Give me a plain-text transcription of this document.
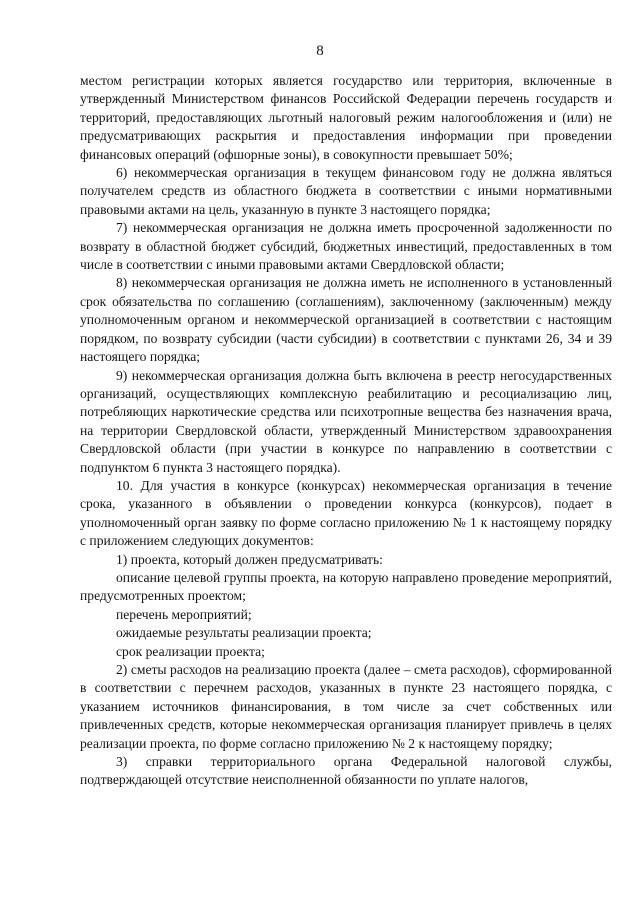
8

местом регистрации которых является государство или территория, включенные в утвержденный Министерством финансов Российской Федерации перечень государств и территорий, предоставляющих льготный налоговый режим налогообложения и (или) не предусматривающих раскрытия и предоставления информации при проведении финансовых операций (офшорные зоны), в совокупности превышает 50%;

6) некоммерческая организация в текущем финансовом году не должна являться получателем средств из областного бюджета в соответствии с иными нормативными правовыми актами на цель, указанную в пункте 3 настоящего порядка;

7) некоммерческая организация не должна иметь просроченной задолженности по возврату в областной бюджет субсидий, бюджетных инвестиций, предоставленных в том числе в соответствии с иными правовыми актами Свердловской области;

8) некоммерческая организация не должна иметь не исполненного в установленный срок обязательства по соглашению (соглашениям), заключенному (заключенным) между уполномоченным органом и некоммерческой организацией в соответствии с настоящим порядком, по возврату субсидии (части субсидии) в соответствии с пунктами 26, 34 и 39 настоящего порядка;

9) некоммерческая организация должна быть включена в реестр негосударственных организаций, осуществляющих комплексную реабилитацию и ресоциализацию лиц, потребляющих наркотические средства или психотропные вещества без назначения врача, на территории Свердловской области, утвержденный Министерством здравоохранения Свердловской области (при участии в конкурсе по направлению в соответствии с подпунктом 6 пункта 3 настоящего порядка).

10. Для участия в конкурсе (конкурсах) некоммерческая организация в течение срока, указанного в объявлении о проведении конкурса (конкурсов), подает в уполномоченный орган заявку по форме согласно приложению № 1 к настоящему порядку с приложением следующих документов:

1) проекта, который должен предусматривать:

описание целевой группы проекта, на которую направлено проведение мероприятий, предусмотренных проектом;

перечень мероприятий;

ожидаемые результаты реализации проекта;

срок реализации проекта;

2) сметы расходов на реализацию проекта (далее – смета расходов), сформированной в соответствии с перечнем расходов, указанных в пункте 23 настоящего порядка, с указанием источников финансирования, в том числе за счет собственных или привлеченных средств, которые некоммерческая организация планирует привлечь в целях реализации проекта, по форме согласно приложению № 2 к настоящему порядку;

3) справки территориального органа Федеральной налоговой службы, подтверждающей отсутствие неисполненной обязанности по уплате налогов,
